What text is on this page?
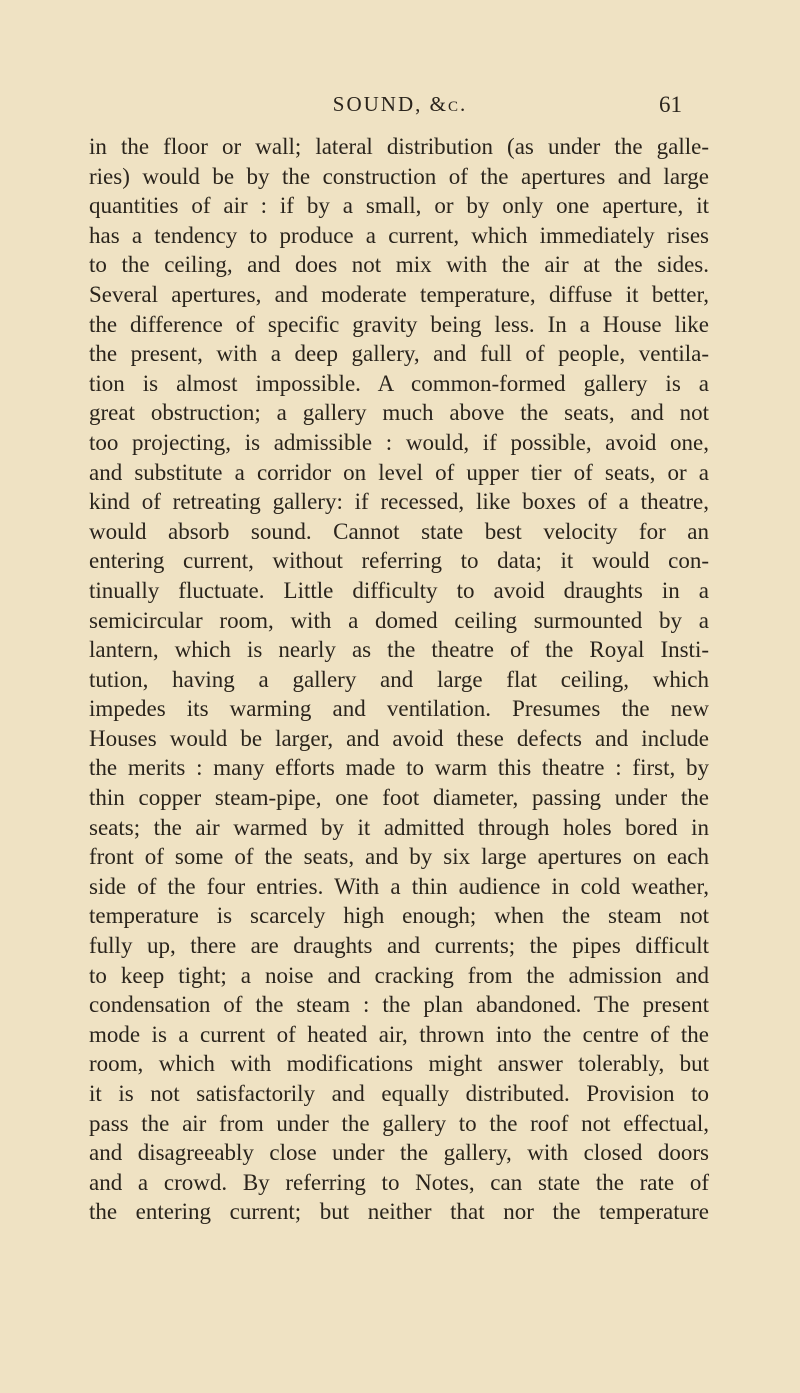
SOUND, &c.	61
in the floor or wall; lateral distribution (as under the galle-
ries) would be by the construction of the apertures and large
quantities of air : if by a small, or by only one aperture, it
has a tendency to produce a current, which immediately rises
to the ceiling, and does not mix with the air at the sides.
Several apertures, and moderate temperature, diffuse it better,
the difference of specific gravity being less. In a House like
the present, with a deep gallery, and full of people, ventila-
tion is almost impossible. A common-formed gallery is a
great obstruction; a gallery much above the seats, and not
too projecting, is admissible : would, if possible, avoid one,
and substitute a corridor on level of upper tier of seats, or a
kind of retreating gallery: if recessed, like boxes of a theatre,
would absorb sound. Cannot state best velocity for an
entering current, without referring to data; it would con-
tinually fluctuate. Little difficulty to avoid draughts in a
semicircular room, with a domed ceiling surmounted by a
lantern, which is nearly as the theatre of the Royal Insti-
tution, having a gallery and large flat ceiling, which
impedes its warming and ventilation. Presumes the new
Houses would be larger, and avoid these defects and include
the merits : many efforts made to warm this theatre : first, by
thin copper steam-pipe, one foot diameter, passing under the
seats; the air warmed by it admitted through holes bored in
front of some of the seats, and by six large apertures on each
side of the four entries. With a thin audience in cold weather,
temperature is scarcely high enough; when the steam not
fully up, there are draughts and currents; the pipes difficult
to keep tight; a noise and cracking from the admission and
condensation of the steam : the plan abandoned. The present
mode is a current of heated air, thrown into the centre of the
room, which with modifications might answer tolerably, but
it is not satisfactorily and equally distributed. Provision to
pass the air from under the gallery to the roof not effectual,
and disagreeably close under the gallery, with closed doors
and a crowd. By referring to Notes, can state the rate of
the entering current; but neither that nor the temperature
